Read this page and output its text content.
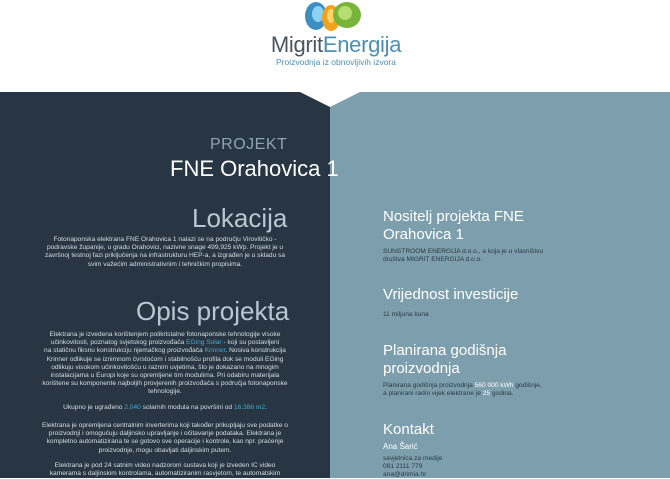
MigritEnergija
Proizvodnja iz obnovljivih izvora
PROJEKT
FNE Orahovica 1
Lokacija
Fotonaponska elektrana FNE Orahovica 1 nalazi se na području Virovitičko -
podravske županije, u gradu Orahovici, nazivne snage 499,925 kWp. Projekt je u
završnoj testnoj fazi priključenja na infrastrukturu HEP-a, a izgrađen je u skladu sa
svim važećim administrativnim i tehničkim propisima.
Opis projekta
Elektrana je izvedena korištenjem polikristalne fotonaponske tehnologije visoke
učinkovitosti, poznatog svjetskog proizvođača EGing Solar - koji su postavljeni
na statičnu fiksnu konstrukciju njemačkog proizvođača Krinner. Nosiva konstrukcija
Krinner odlikuje se iznimnom čvrstoćom i stabilnošću profila dok se moduli EGing
odlikuju visokom učinkovitošću u raznim uvjetima, što je dokazano na mnogim
instalacijama u Europi koje su opremljene tim modulima. Pri odabiru materijala
korištene su komponente najboljih provjerenih proizvođača s područja fotonaponske
tehnologije.
Ukupno je ugrađeno 2.040 solarnih modula na površini od 16.386 m2.
Elektrana je opremljena centralnim inverterima koji također prikupljaju sve podatke o
proizvodnji i omogućuju daljinsko upravljanje i očitavanje podataka. Elektrana je
kompletno automatizirana te se gotovo sve operacije i kontrole, kao npr. praćenje
proizvodnje, mogu obavljati daljinskim putem.
Elektrana je pod 24 satnim video nadzorom sustava koji je izveden IC video
kamerama s daljinskim kontrolama, automatiziranim rasvjetom, te automatskim
Nositelj projekta FNE
Orahovica 1
SUNSTROOM ENERGIJA d.o.o., a koja je u vlasništvu
društva MIGRIT ENERGIJA d.o.o.
Vrijednost investicije
11 miljuna kuna
Planirana godišnja
proizvodnja
Planirana godišnja proizvodnja 560 000 kWh godišnje,
a planirani radni vijek elektrane je 25 godina.
Kontakt
Ana Šarić
savjetnica za medije
091 2111 779
ana@drimia.hr
